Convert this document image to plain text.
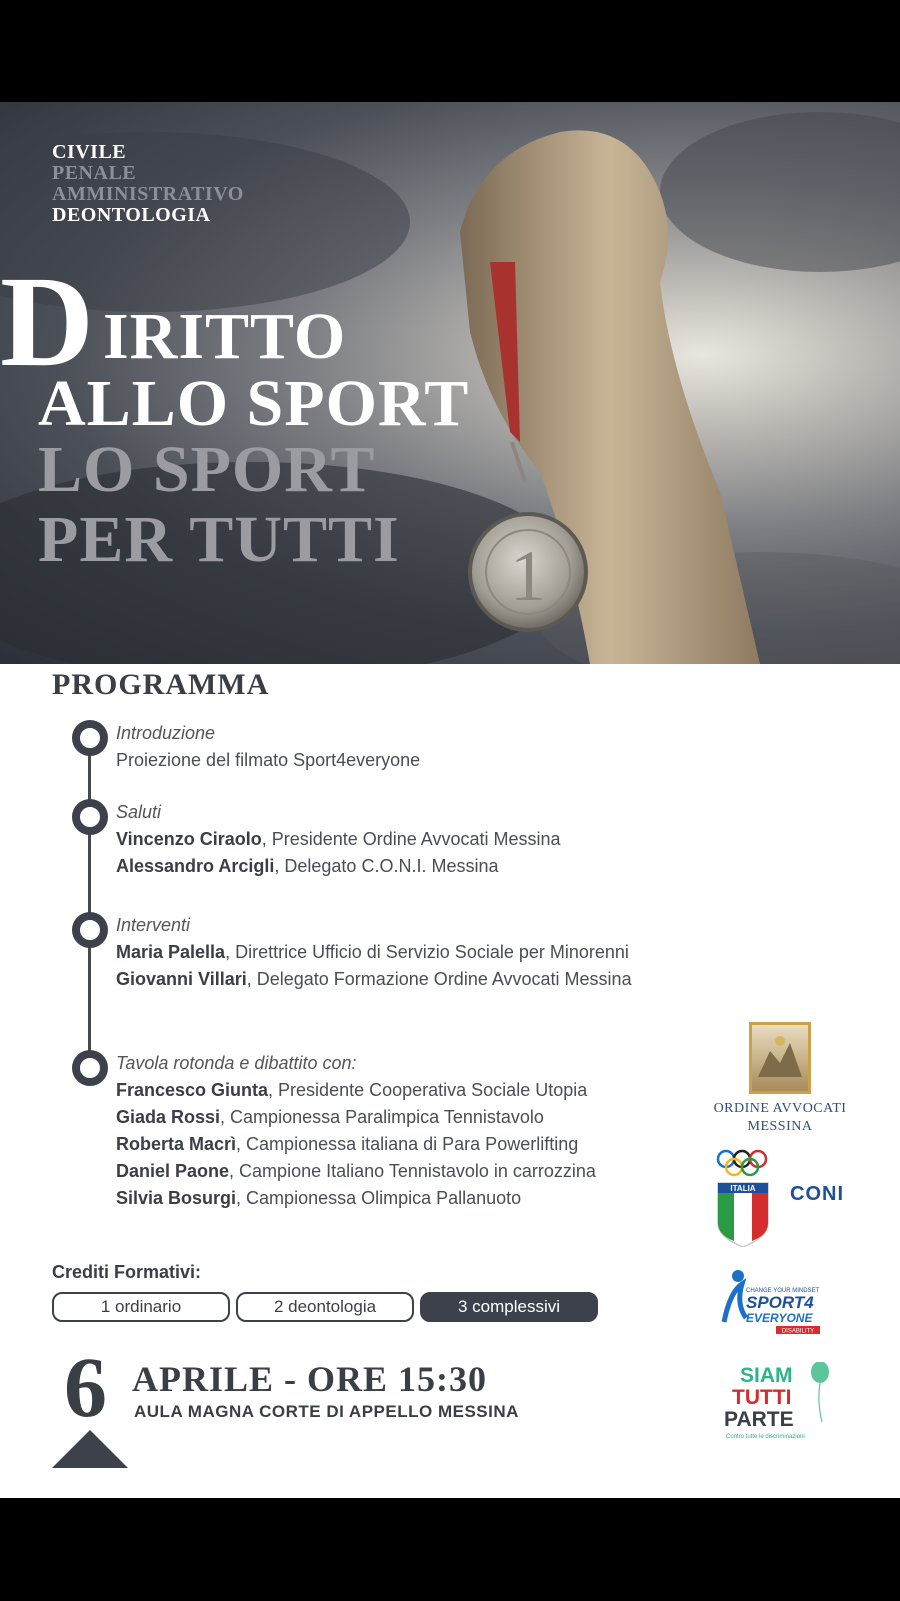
1
CIVILE
PENALE
AMMINISTRATIVO
DEONTOLOGIA
D IRITTO
ALLO SPORT
LO SPORT
PER TUTTI
PROGRAMMA
Introduzione
Proiezione del filmato Sport4everyone
Saluti
Vincenzo Ciraolo, Presidente Ordine Avvocati Messina
Alessandro Arcigli, Delegato C.O.N.I. Messina
Interventi
Maria Palella, Direttrice Ufficio di Servizio Sociale per Minorenni
Giovanni Villari, Delegato Formazione Ordine Avvocati Messina
Tavola rotonda e dibattito con:
Francesco Giunta, Presidente Cooperativa Sociale Utopia
Giada Rossi, Campionessa Paralimpica Tennistavolo
Roberta Macrì, Campionessa italiana di Para Powerlifting
Daniel Paone, Campione Italiano Tennistavolo in carrozzina
Silvia Bosurgi, Campionessa Olimpica Pallanuoto
Crediti Formativi:
1 ordinario	2 deontologia	3 complessivi
6 APRILE - ORE 15:30
AULA MAGNA CORTE DI APPELLO MESSINA
ORDINE AVVOCATI
MESSINA
ITALIA CONI
CHANGE YOUR MINDSET
SPORT4
EVERYONE
DISABILITY
SIAM
TUTTI
PARTE
Contro tutte le discriminazioni
